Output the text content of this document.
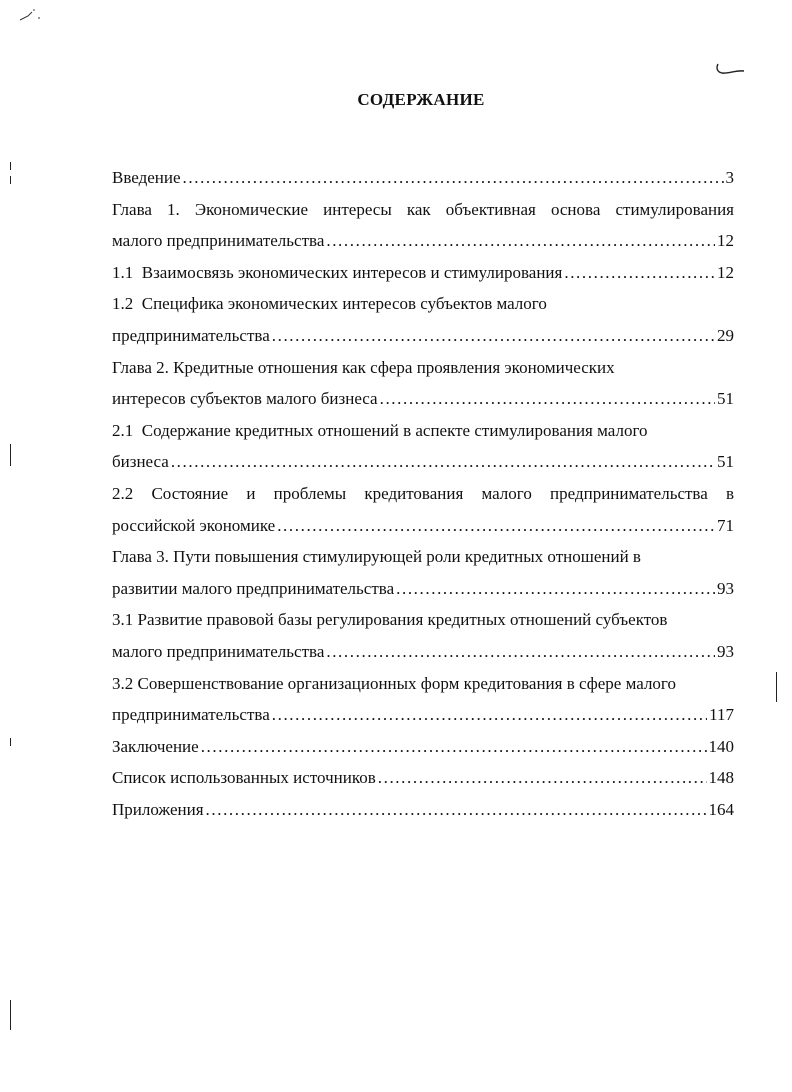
СОДЕРЖАНИЕ
Введение .....	3
Глава 1. Экономические интересы как объективная основа стимулирования
малого предпринимательства .....	12
1.1  Взаимосвязь экономических интересов и стимулирования .....	12
1.2  Специфика экономических интересов субъектов малого
предпринимательства .....	29
Глава 2. Кредитные отношения как сфера проявления экономических
интересов субъектов малого бизнеса .....	51
2.1  Содержание кредитных отношений в аспекте стимулирования малого
бизнеса .....	51
2.2 Состояние и проблемы кредитования малого предпринимательства в
российской экономике .....	71
Глава 3. Пути повышения стимулирующей роли кредитных отношений в
развитии малого предпринимательства .....	93
3.1 Развитие правовой базы регулирования кредитных отношений субъектов
малого предпринимательства .....	93
3.2 Совершенствование организационных форм кредитования в сфере малого
предпринимательства .....	117
Заключение .....	140
Список использованных источников .....	148
Приложения .....	164
